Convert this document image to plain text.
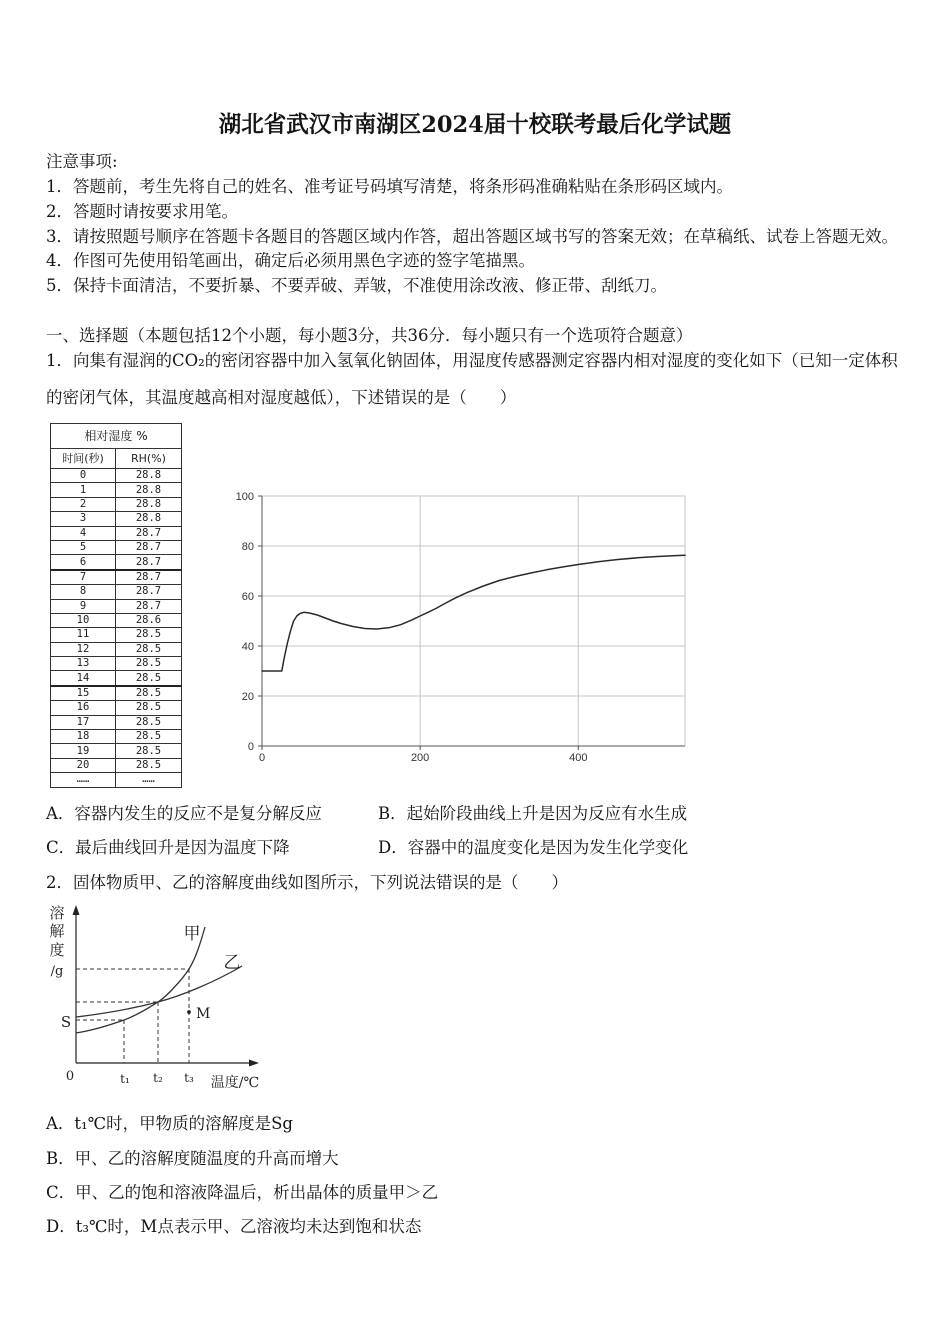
湖北省武汉市南湖区2024届十校联考最后化学试题
注意事项:
1．答题前，考生先将自己的姓名、准考证号码填写清楚，将条形码准确粘贴在条形码区域内。
2．答题时请按要求用笔。
3．请按照题号顺序在答题卡各题目的答题区域内作答，超出答题区域书写的答案无效；在草稿纸、试卷上答题无效。
4．作图可先使用铅笔画出，确定后必须用黑色字迹的签字笔描黑。
5．保持卡面清洁，不要折暴、不要弄破、弄皱，不准使用涂改液、修正带、刮纸刀。
一、选择题（本题包括12个小题，每小题3分，共36分．每小题只有一个选项符合题意）
1．向集有湿润的CO₂的密闭容器中加入氢氧化钠固体，用湿度传感器测定容器内相对湿度的变化如下（已知一定体积
的密闭气体，其温度越高相对湿度越低），下述错误的是（　　）
相对湿度 %	
时间(秒)	RH(%)
0	28.8
1	28.8
2	28.8
3	28.8
4	28.7
5	28.7
6	28.7
7	28.7
8	28.7
9	28.7
10	28.6
11	28.5
12	28.5
13	28.5
14	28.5
15	28.5
16	28.5
17	28.5
18	28.5
19	28.5
20	28.5
……	……
0
20
40
60
80
100
0	200	400
A．容器内发生的反应不是复分解反应	B．起始阶段曲线上升是因为反应有水生成
C．最后曲线回升是因为温度下降	D．容器中的温度变化是因为发生化学变化
2．固体物质甲、乙的溶解度曲线如图所示，下列说法错误的是（　　）
溶
解
度
/g
S
0	t₁ t₂ t₃ 温度/℃
甲
乙
M
A．t₁℃时，甲物质的溶解度是Sg
B．甲、乙的溶解度随温度的升高而增大
C．甲、乙的饱和溶液降温后，析出晶体的质量甲＞乙
D．t₃℃时，M点表示甲、乙溶液均未达到饱和状态
